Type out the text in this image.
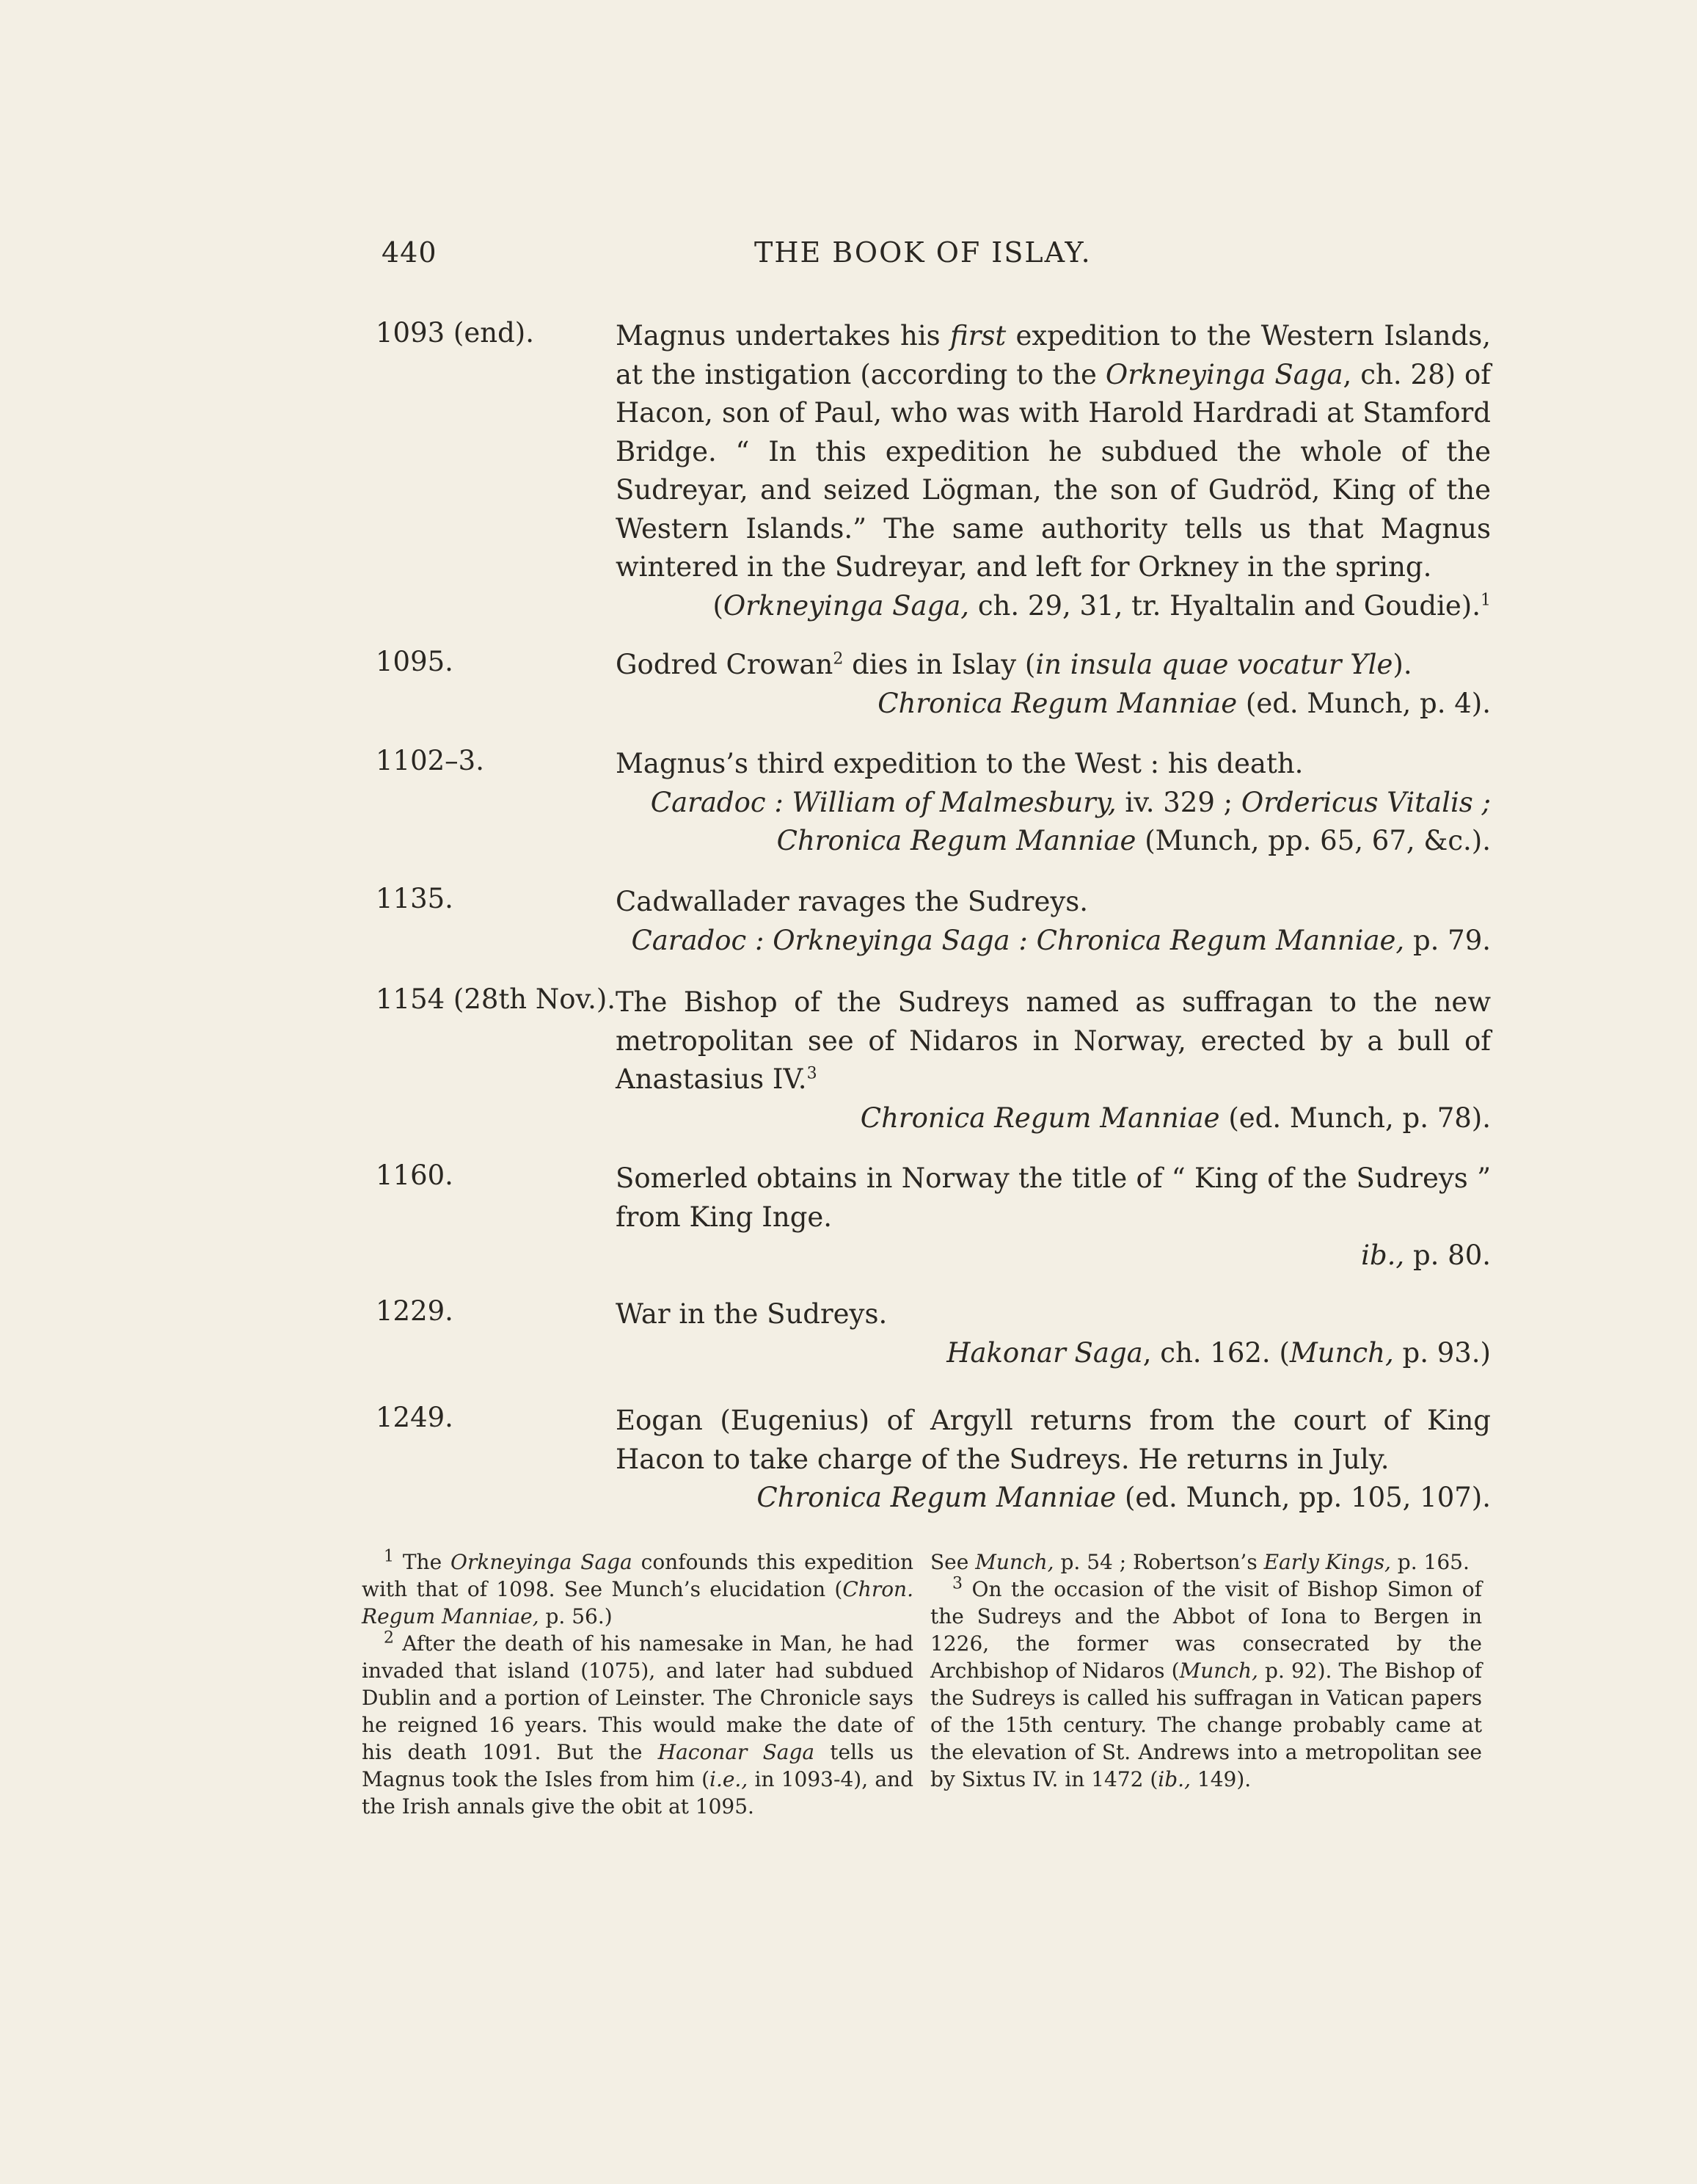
440	THE BOOK OF ISLAY.
1093 (end).	Magnus undertakes his first expedition to the Western Islands, at the instigation (according to the Orkneyinga Saga, ch. 28) of Hacon, son of Paul, who was with Harold Hardradi at Stamford Bridge. “ In this expedition he subdued the whole of the Sudreyar, and seized Lögman, the son of Gudröd, King of the Western Islands.” The same authority tells us that Magnus wintered in the Sudreyar, and left for Orkney in the spring.

(Orkneyinga Saga, ch. 29, 31, tr. Hyaltalin and Goudie).$^1$

1095.	Godred Crowan$^2$ dies in Islay (in insula quae vocatur Yle).

Chronica Regum Manniae (ed. Munch, p. 4).

1102–3.	Magnus’s third expedition to the West : his death.

Caradoc : William of Malmesbury, iv. 329 ; Ordericus Vitalis ;

Chronica Regum Manniae (Munch, pp. 65, 67, &c.).

1135.	Cadwallader ravages the Sudreys.

Caradoc : Orkneyinga Saga : Chronica Regum Manniae, p. 79.

1154 (28th Nov.). The Bishop of the Sudreys named as suffragan to the new metropolitan see of Nidaros in Norway, erected by a bull of Anastasius IV.$^3$

Chronica Regum Manniae (ed. Munch, p. 78).

1160.	Somerled obtains in Norway the title of “ King of the Sudreys ” from King Inge.

ib., p. 80.

1229.	War in the Sudreys.

Hakonar Saga, ch. 162. (Munch, p. 93.)

1249.	Eogan (Eugenius) of Argyll returns from the court of King Hacon to take charge of the Sudreys. He returns in July.

Chronica Regum Manniae (ed. Munch, pp. 105, 107).

$^1$ The Orkneyinga Saga confounds this expedition with that of 1098. See Munch’s elucidation (Chron. Regum Manniae, p. 56.)

$^2$ After the death of his namesake in Man, he had invaded that island (1075), and later had subdued Dublin and a portion of Leinster. The Chronicle says he reigned 16 years. This would make the date of his death 1091. But the Haconar Saga tells us Magnus took the Isles from him (i.e., in 1093-4), and the Irish annals give the obit at 1095.

See Munch, p. 54 ; Robertson’s Early Kings, p. 165.

$^3$ On the occasion of the visit of Bishop Simon of the Sudreys and the Abbot of Iona to Bergen in 1226, the former was consecrated by the Archbishop of Nidaros (Munch, p. 92). The Bishop of the Sudreys is called his suffragan in Vatican papers of the 15th century. The change probably came at the elevation of St. Andrews into a metropolitan see by Sixtus IV. in 1472 (ib., 149).
